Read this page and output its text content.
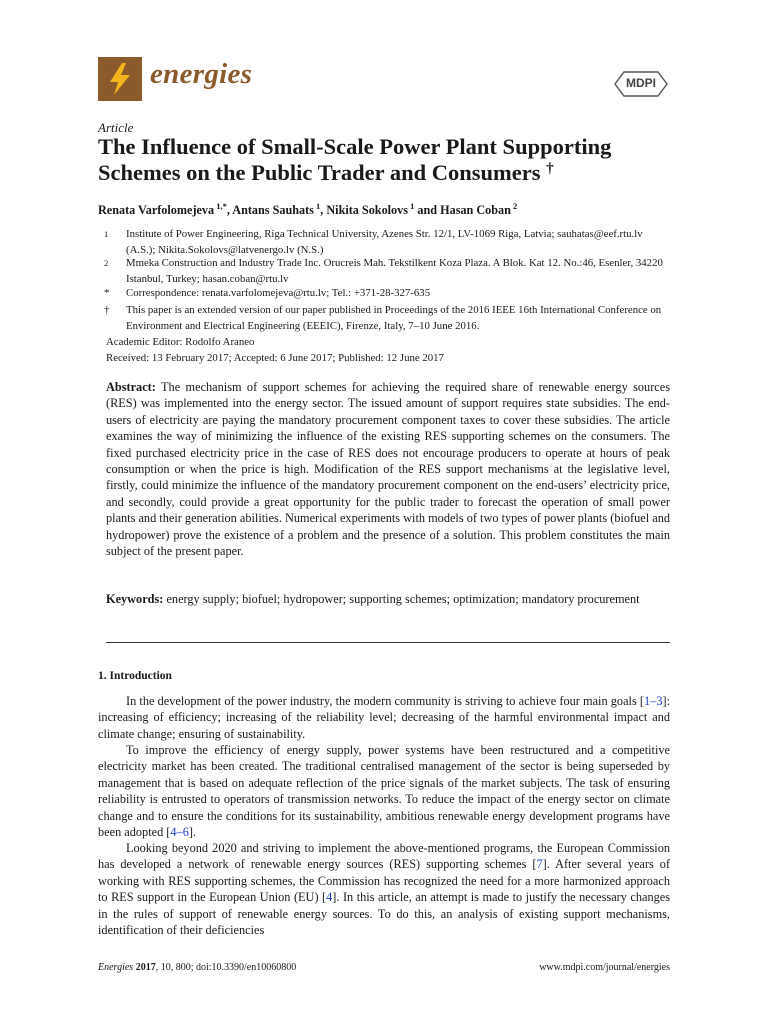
energies	MDPI
Article
The Influence of Small-Scale Power Plant Supporting Schemes on the Public Trader and Consumers †
Renata Varfolomejeva $^{1,*}$, Antans Sauhats $^1$, Nikita Sokolovs $^1$ and Hasan Coban $^2$
1 Institute of Power Engineering, Riga Technical University, Azenes Str. 12/1, LV-1069 Riga, Latvia; sauhatas@eef.rtu.lv (A.S.); Nikita.Sokolovs@latvenergo.lv (N.S.)
2 Mmeka Construction and Industry Trade Inc. Orucreis Mah. Tekstilkent Koza Plaza. A Blok. Kat 12. No.:46, Esenler, 34220 Istanbul, Turkey; hasan.coban@rtu.lv
* Correspondence: renata.varfolomejeva@rtu.lv; Tel.: +371-28-327-635
† This paper is an extended version of our paper published in Proceedings of the 2016 IEEE 16th International Conference on Environment and Electrical Engineering (EEEIC), Firenze, Italy, 7–10 June 2016.
Academic Editor: Rodolfo Araneo
Received: 13 February 2017; Accepted: 6 June 2017; Published: 12 June 2017
Abstract: The mechanism of support schemes for achieving the required share of renewable energy sources (RES) was implemented into the energy sector. The issued amount of support requires state subsidies. The end-users of electricity are paying the mandatory procurement component taxes to cover these subsidies. The article examines the way of minimizing the influence of the existing RES supporting schemes on the consumers. The fixed purchased electricity price in the case of RES does not encourage producers to operate at hours of peak consumption or when the price is high. Modification of the RES support mechanisms at the legislative level, firstly, could minimize the influence of the mandatory procurement component on the end-users’ electricity price, and secondly, could provide a great opportunity for the public trader to forecast the operation of small power plants and their generation abilities. Numerical experiments with models of two types of power plants (biofuel and hydropower) prove the existence of a problem and the presence of a solution. This problem constitutes the main subject of the present paper.
Keywords: energy supply; biofuel; hydropower; supporting schemes; optimization; mandatory procurement
1. Introduction
In the development of the power industry, the modern community is striving to achieve four main goals [1–3]: increasing of efficiency; increasing of the reliability level; decreasing of the harmful environmental impact and climate change; ensuring of sustainability.
To improve the efficiency of energy supply, power systems have been restructured and a competitive electricity market has been created. The traditional centralised management of the sector is being superseded by management that is based on adequate reflection of the price signals of the market subjects. The task of ensuring reliability is entrusted to operators of transmission networks. To reduce the impact of the energy sector on climate change and to ensure the conditions for its sustainability, ambitious renewable energy development programs have been adopted [4–6].
Looking beyond 2020 and striving to implement the above-mentioned programs, the European Commission has developed a network of renewable energy sources (RES) supporting schemes [7]. After several years of working with RES supporting schemes, the Commission has recognized the need for a more harmonized approach to RES support in the European Union (EU) [4]. In this article, an attempt is made to justify the necessary changes in the rules of support of renewable energy sources. To do this, an analysis of existing support mechanisms, identification of their deficiencies
Energies 2017, 10, 800; doi:10.3390/en10060800	www.mdpi.com/journal/energies
